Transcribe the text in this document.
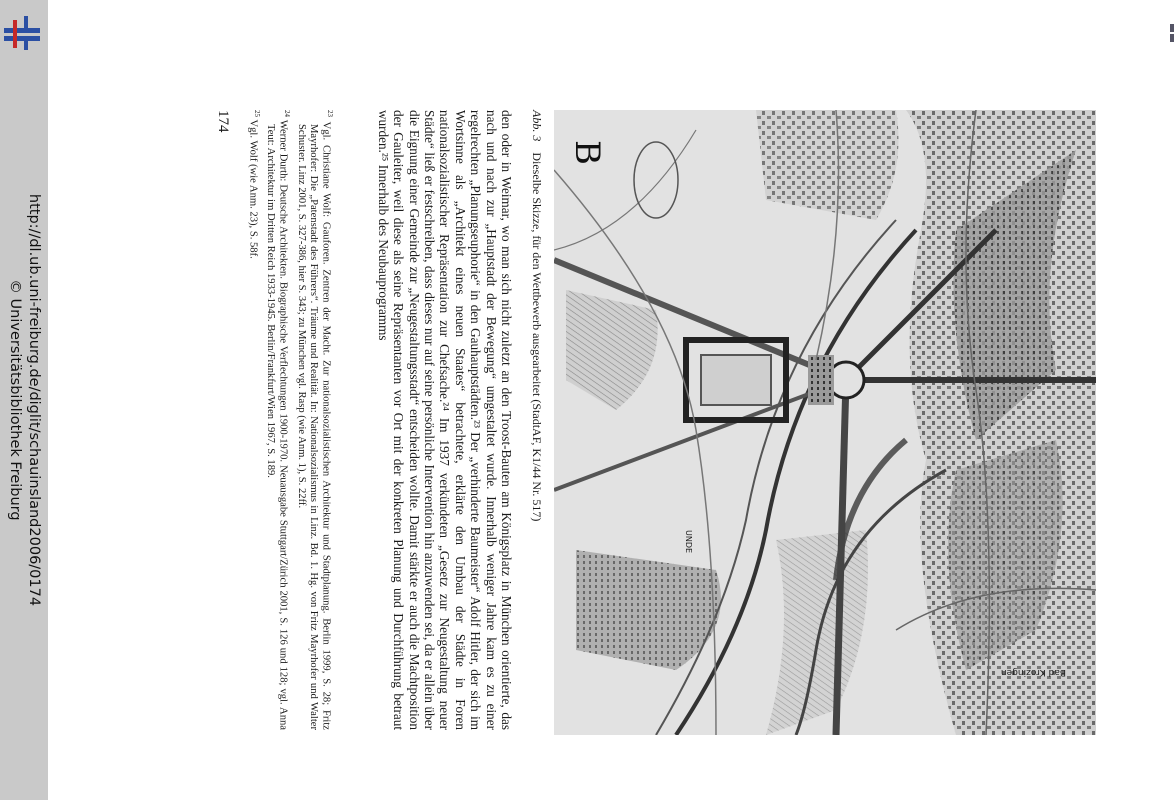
http://dl.ub.uni-freiburg.de/diglit/schauinsland2006/0174
© Universitätsbibliothek Freiburg
B
Bad Krozingen
UNDE
Abb. 3 Dieselbe Skizze, für den Wettbewerb ausgearbeitet (StadtAF, K1/44 Nr. 517)

den oder in Weimar, wo man sich nicht zuletzt an den Troost-Bauten am Königsplatz in München orientierte, das nach und nach zur „Hauptstadt der Bewegung“ umgestaltet wurde. Innerhalb weniger Jahre kam es zu einer regelrechten „Planungseuphorie“ in den Gauhauptstädten.²³ Der „verhinderte Baumeister“ Adolf Hitler, der sich im Wortsinne als „Architekt eines neuen Staates“ betrachtete, erklärte den Umbau der Städte in Foren nationalsozialistischer Repräsentation zur Chefsache.²⁴ Im 1937 verkündeten „Gesetz zur Neugestaltung neuer Städte“ ließ er festschreiben, dass dieses nur auf seine persönliche Intervention hin anzuwenden sei, da er allein über die Eignung einer Gemeinde zur „Neugestaltungsstadt“ entscheiden wollte. Damit stärkte er auch die Machtposition der Gauleiter, weil diese als seine Repräsentanten vor Ort mit der konkreten Planung und Durchführung betraut wurden.²⁵ Innerhalb des Neubauprogramms

$^{23}$ Vgl. Christiane Wolf: Gauforen. Zentren der Macht. Zur nationalsozialistischen Architektur und Stadtplanung. Berlin 1999, S. 28; Fritz Mayrhofer: Die „Patenstadt des Führers“. Träume und Realität. In: Nationalsozialismus in Linz. Bd. 1. Hg. von Fritz Mayrhofer und Walter Schuster. Linz 2001, S. 327-386, hier S. 343; zu München vgl. Rasp (wie Anm. 1), S. 22ff.

$^{24}$ Werner Durth: Deutsche Architekten. Biographische Verflechtungen 1900-1970. Neuausgabe Stuttgart/Zürich 2001, S. 126 und 128; vgl. Anna Teut: Architektur im Dritten Reich 1933-1945. Berlin/Frankfurt/Wien 1967, S. 189.

$^{25}$ Vgl. Wolf (wie Anm. 23), S. 58f.

174
